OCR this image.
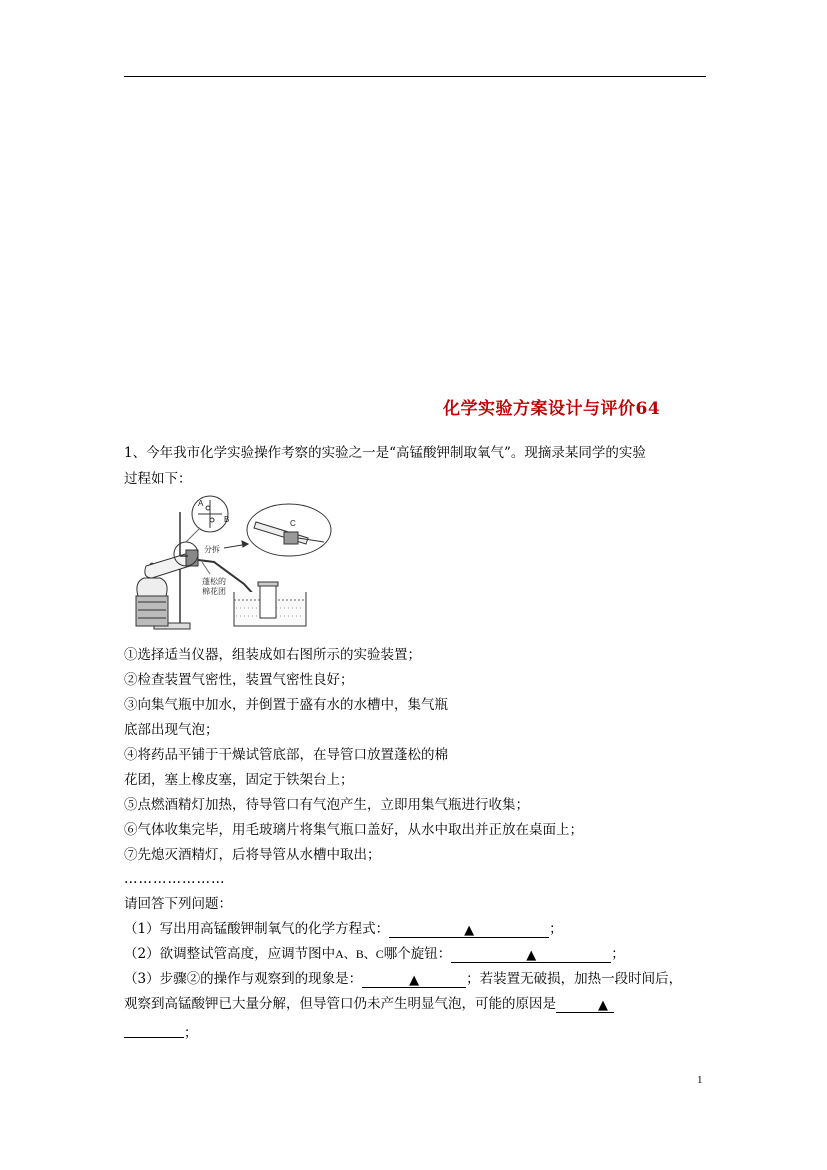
化学实验方案设计与评价64
1、今年我市化学实验操作考察的实验之一是“高锰酸钾制取氧气”。现摘录某同学的实验
过程如下：
A
B	C
分拆
蓬松的
棉花团
①选择适当仪器，组装成如右图所示的实验装置；
②检查装置气密性，装置气密性良好；
③向集气瓶中加水，并倒置于盛有水的水槽中，集气瓶
底部出现气泡；
④将药品平铺于干燥试管底部，在导管口放置蓬松的棉
花团，塞上橡皮塞，固定于铁架台上；
⑤点燃酒精灯加热，待导管口有气泡产生，立即用集气瓶进行收集；
⑥气体收集完毕，用毛玻璃片将集气瓶口盖好，从水中取出并正放在桌面上；
⑦先熄灭酒精灯，后将导管从水槽中取出；
…………………
请回答下列问题：
（1）写出用高锰酸钾制氧气的化学方程式：	▲	；
（2）欲调整试管高度，应调节图中A、B、C哪个旋钮：	▲	；
（3）步骤②的操作与观察到的现象是：	▲	；若装置无破损，加热一段时间后，
观察到高锰酸钾已大量分解，但导管口仍未产生明显气泡，可能的原因是	▲
；
1
